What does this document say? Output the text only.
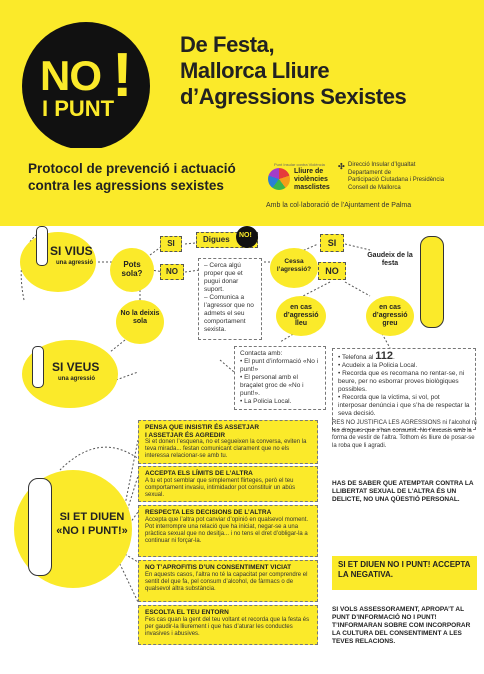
NO !
I PUNT
De Festa,
Mallorca Lliure
d’Agressions Sexistes
Protocol de prevenció i actuació
contra les agressions sexistes
Punt Insular contra Violència
Lliure de
violències
masclistes
✣ Direcció Insular d’Igualtat
Departament de
Participació Ciutadana i Presidència
Consell de Mallorca
Amb la col·laboració de l’Ajuntament de Palma
SI VIUS
una agressió	Pots sola?
SI
NO
Digues	NO!
– Cerca algú proper que et pugui donar suport.
– Comunica a l’agressor que no admets el seu comportament sexista.
Cessa l’agressió?
SI
NO
Gaudeix de la festa
en cas d’agressió lleu
en cas d’agressió greu
No la deixis sola
SI VEUS
una agressió
Contacta amb:
• El punt d’informació «No i punt!»
• El personal amb el braçalet groc de «No i punt!».
• La Policia Local.
• Telefona al 112.
• Acudeix a la Policia Local.
• Recorda que es recomana no rentar-se, ni beure, per no esborrar proves biològiques possibles.
• Recorda que la víctima, si vol, pot interposar denúncia i que s’ha de respectar la seva decisió.
SI ET DIUEN
«NO I PUNT!»
PENSA QUE INSISTIR ÉS ASSETJAR
I ASSETJAR ÉS AGREDIR
Si et donen l’esquena, no et segueixen la conversa, eviten la teva mirada... festan comunicant clarament que no els interessa relacionar-se amb tu.
ACCEPTA ELS LÍMITS DE L’ALTRA
A tu et pot semblar que simplement flirteges, però el teu comportament invasiu, intimidador pot constituir un abús sexual.
RESPECTA LES DECISIONS DE L’ALTRA
Accepta que l’altra pot canviar d’opinió en qualsevol moment. Pot interrompre una relació que ha iniciat, negar-se a una pràctica sexual que no desitja... i no tens el dret d’obligar-la a continuar ni forçar-la.
NO T’APROFITIS D’UN CONSENTIMENT VICIAT
En aquests casos, l’altra no té la capacitat per comprendre el sentit del que fa, pel consum d’alcohol, de fàrmacs o de qualsevol altra substància.
ESCOLTA EL TEU ENTORN
Fes cas quan la gent del teu voltant et recorda que la festa és per gaudir-la lliurement i que has d’aturar les conductes invasives i abusives.
RES NO JUSTIFICA LES AGRESSIONS ni l’alcohol ni les drogues que s’han consumit. No t’excusis amb la forma de vestir de l’altra. Tothom és lliure de posar-se la roba que li agradi.
HAS DE SABER QUE ATEMPTAR CONTRA LA LLIBERTAT SEXUAL DE L’ALTRA ÉS UN DELICTE, NO UNA QÜESTIÓ PERSONAL.
SI ET DIUEN NO I PUNT! ACCEPTA LA NEGATIVA.
SI VOLS ASSESSORAMENT, APROPA’T AL PUNT D’INFORMACIÓ NO I PUNT! T’INFORMARAN SOBRE COM INCORPORAR LA CULTURA DEL CONSENTIMENT A LES TEVES RELACIONS.
